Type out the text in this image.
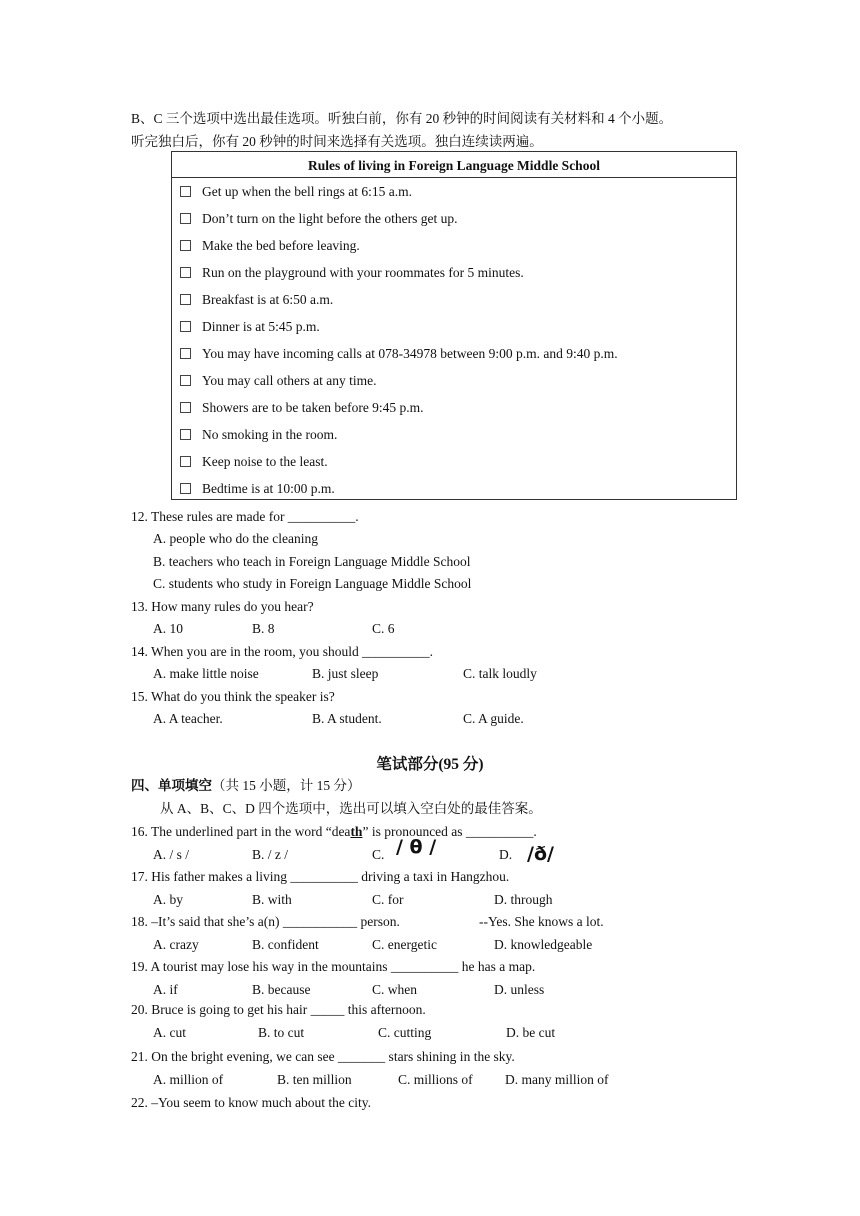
B、C 三个选项中选出最佳选项。听独白前，你有 20 秒钟的时间阅读有关材料和 4 个小题。
听完独白后，你有 20 秒钟的时间来选择有关选项。独白连续读两遍。
Rules of living in Foreign Language Middle School
Get up when the bell rings at 6:15 a.m.
Don’t turn on the light before the others get up.
Make the bed before leaving.
Run on the playground with your roommates for 5 minutes.
Breakfast is at 6:50 a.m.
Dinner is at 5:45 p.m.
You may have incoming calls at 078-34978 between 9:00 p.m. and 9:40 p.m.
You may call others at any time.
Showers are to be taken before 9:45 p.m.
No smoking in the room.
Keep noise to the least.
Bedtime is at 10:00 p.m.
12. These rules are made for __________.
A. people who do the cleaning
B. teachers who teach in Foreign Language Middle School
C. students who study in Foreign Language Middle School
13. How many rules do you hear?
A. 10	B. 8	C. 6
14. When you are in the room, you should __________.
A. make little noise	B. just sleep	C. talk loudly
15. What do you think the speaker is?
A. A teacher.	B. A student.	C. A guide.
笔试部分(95 分)
四、单项填空（共 15 小题，计 15 分）
从 A、B、C、D 四个选项中，选出可以填入空白处的最佳答案。
16. The underlined part in the word “death” is pronounced as __________.
A. / s /	B. / z /	C. / θ /	D. /ð/
17. His father makes a living __________ driving a taxi in Hangzhou.
A. by	B. with	C. for	D. through
18. –It’s said that she’s a(n) ___________ person.	--Yes. She knows a lot.
A. crazy	B. confident	C. energetic	D. knowledgeable
19. A tourist may lose his way in the mountains __________ he has a map.
A. if	B. because	C. when	D. unless
20. Bruce is going to get his hair _____ this afternoon.
A. cut	B. to cut	C. cutting	D. be cut
21. On the bright evening, we can see _______ stars shining in the sky.
A. million of	B. ten million	C. millions of D. many million of
22. –You seem to know much about the city.
